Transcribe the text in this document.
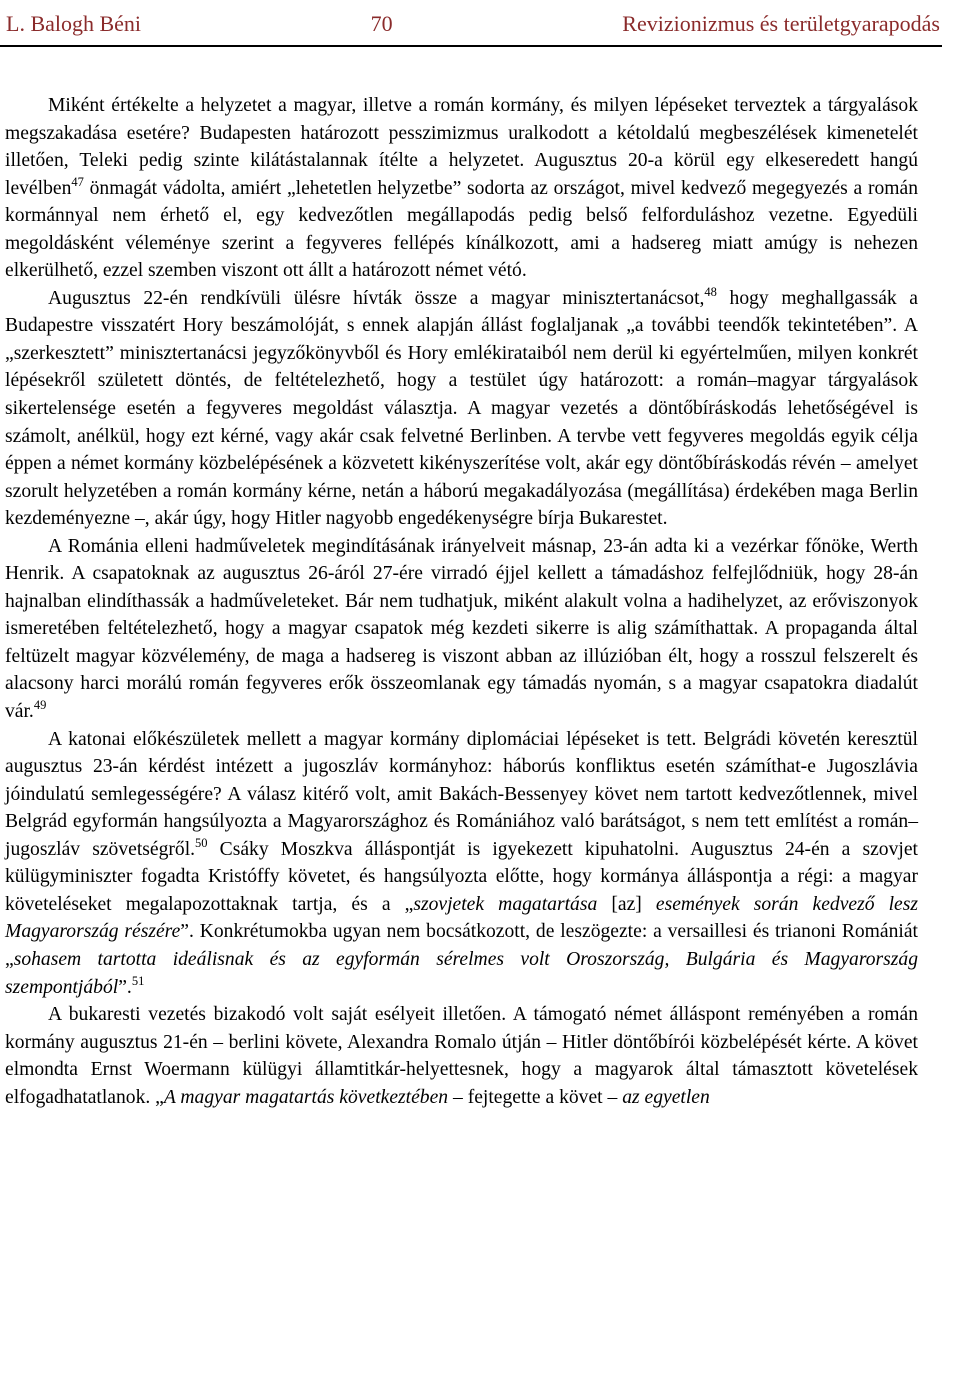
L. Balogh Béni	70	Revizionizmus és területgyarapodás

Miként értékelte a helyzetet a magyar, illetve a román kormány, és milyen lépéseket terveztek a tárgyalások megszakadása esetére? Budapesten határozott pesszimizmus uralkodott a kétoldalú megbeszélések kimenetelét illetően, Teleki pedig szinte kilátástalannak ítélte a helyzetet. Augusztus 20-a körül egy elkeseredett hangú levélben$^{47}$ önmagát vádolta, amiért „lehetetlen helyzetbe” sodorta az országot, mivel kedvező megegyezés a román kormánnyal nem érhető el, egy kedvezőtlen megállapodás pedig belső felforduláshoz vezetne. Egyedüli megoldásként véleménye szerint a fegyveres fellépés kínálkozott, ami a hadsereg miatt amúgy is nehezen elkerülhető, ezzel szemben viszont ott állt a határozott német vétó.

Augusztus 22-én rendkívüli ülésre hívták össze a magyar minisztertanácsot,$^{48}$ hogy meghallgassák a Budapestre visszatért Hory beszámolóját, s ennek alapján állást foglaljanak „a további teendők tekintetében”. A „szerkesztett” minisztertanácsi jegyzőkönyvből és Hory emlékirataiból nem derül ki egyértelműen, milyen konkrét lépésekről született döntés, de feltételezhető, hogy a testület úgy határozott: a román–magyar tárgyalások sikertelensége esetén a fegyveres megoldást választja. A magyar vezetés a döntőbíráskodás lehetőségével is számolt, anélkül, hogy ezt kérné, vagy akár csak felvetné Berlinben. A tervbe vett fegyveres megoldás egyik célja éppen a német kormány közbelépésének a közvetett kikényszerítése volt, akár egy döntőbíráskodás révén – amelyet szorult helyzetében a román kormány kérne, netán a háború megakadályozása (megállítása) érdekében maga Berlin kezdeményezne –, akár úgy, hogy Hitler nagyobb engedékenységre bírja Bukarestet.

A Románia elleni hadműveletek megindításának irányelveit másnap, 23-án adta ki a vezérkar főnöke, Werth Henrik. A csapatoknak az augusztus 26-áról 27-ére virradó éjjel kellett a támadáshoz felfejlődniük, hogy 28-án hajnalban elindíthassák a hadműveleteket. Bár nem tudhatjuk, miként alakult volna a hadihelyzet, az erőviszonyok ismeretében feltételezhető, hogy a magyar csapatok még kezdeti sikerre is alig számíthattak. A propaganda által feltüzelt magyar közvélemény, de maga a hadsereg is viszont abban az illúzióban élt, hogy a rosszul felszerelt és alacsony harci morálú román fegyveres erők összeomlanak egy támadás nyomán, s a magyar csapatokra diadalút vár.$^{49}$

A katonai előkészületek mellett a magyar kormány diplomáciai lépéseket is tett. Belgrádi követén keresztül augusztus 23-án kérdést intézett a jugoszláv kormányhoz: háborús konfliktus esetén számíthat-e Jugoszlávia jóindulatú semlegességére? A válasz kitérő volt, amit Bakách-Bessenyey követ nem tartott kedvezőtlennek, mivel Belgrád egyformán hangsúlyozta a Magyarországhoz és Romániához való barátságot, s nem tett említést a román–jugoszláv szövetségről.$^{50}$ Csáky Moszkva álláspontját is igyekezett kipuhatolni. Augusztus 24-én a szovjet külügyminiszter fogadta Kristóffy követet, és hangsúlyozta előtte, hogy kormánya álláspontja a régi: a magyar követeléseket megalapozottaknak tartja, és a „szovjetek magatartása [az] események során kedvező lesz Magyarország részére”. Konkrétumokba ugyan nem bocsátkozott, de leszögezte: a versaillesi és trianoni Romániát „sohasem tartotta ideálisnak és az egyformán sérelmes volt Oroszország, Bulgária és Magyarország szempontjából”.$^{51}$

A bukaresti vezetés bizakodó volt saját esélyeit illetően. A támogató német álláspont reményében a román kormány augusztus 21-én – berlini követe, Alexandra Romalo útján – Hitler döntőbírói közbelépését kérte. A követ elmondta Ernst Woermann külügyi államtitkár-helyettesnek, hogy a magyarok által támasztott követelések elfogadhatatlanok. „A magyar magatartás következtében – fejtegette a követ – az egyetlen
